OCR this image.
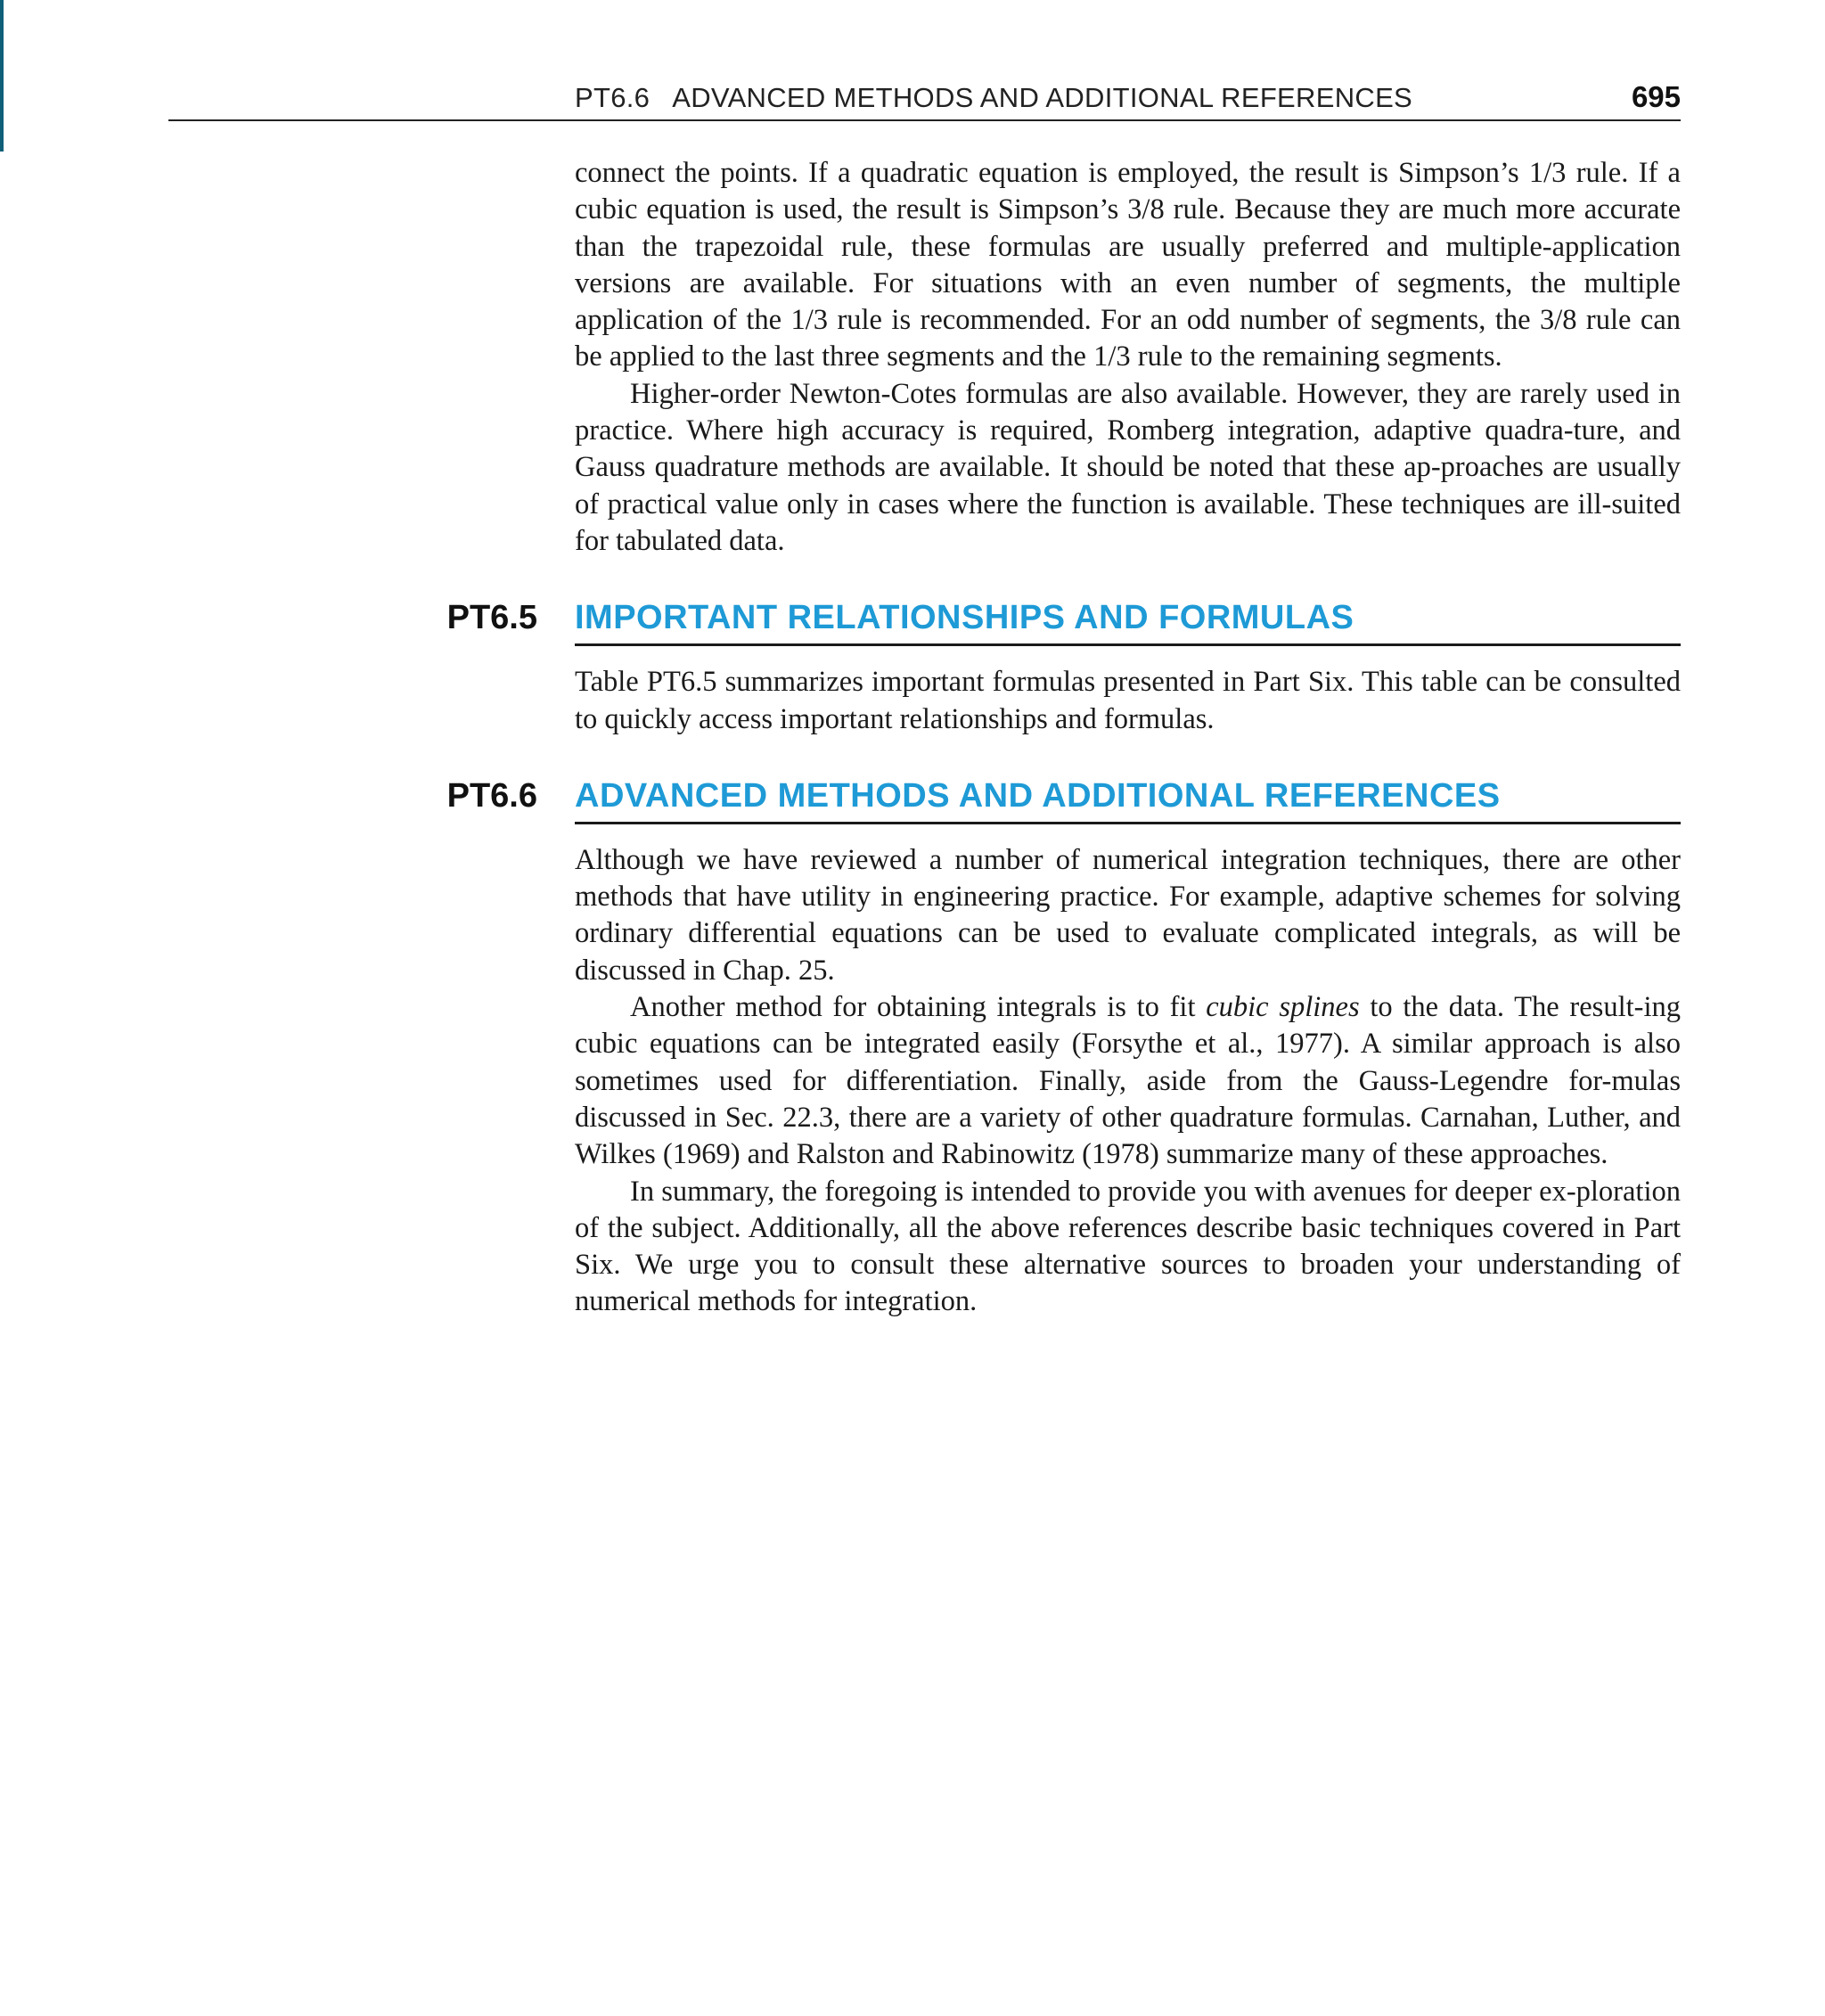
PT6.6   ADVANCED METHODS AND ADDITIONAL REFERENCES	695

connect the points. If a quadratic equation is employed, the result is Simpson’s 1/3 rule. If a cubic equation is used, the result is Simpson’s 3/8 rule. Because they are much more accurate than the trapezoidal rule, these formulas are usually preferred and multiple-application versions are available. For situations with an even number of segments, the multiple application of the 1/3 rule is recommended. For an odd number of segments, the 3/8 rule can be applied to the last three segments and the 1/3 rule to the remaining segments.

Higher-order Newton-Cotes formulas are also available. However, they are rarely used in practice. Where high accuracy is required, Romberg integration, adaptive quadra-ture, and Gauss quadrature methods are available. It should be noted that these ap-proaches are usually of practical value only in cases where the function is available. These techniques are ill-suited for tabulated data.

PT6.5 IMPORTANT RELATIONSHIPS AND FORMULAS

Table PT6.5 summarizes important formulas presented in Part Six. This table can be consulted to quickly access important relationships and formulas.

PT6.6 ADVANCED METHODS AND ADDITIONAL REFERENCES

Although we have reviewed a number of numerical integration techniques, there are other methods that have utility in engineering practice. For example, adaptive schemes for solving ordinary differential equations can be used to evaluate complicated integrals, as will be discussed in Chap. 25.

Another method for obtaining integrals is to fit cubic splines to the data. The result-ing cubic equations can be integrated easily (Forsythe et al., 1977). A similar approach is also sometimes used for differentiation. Finally, aside from the Gauss-Legendre for-mulas discussed in Sec. 22.3, there are a variety of other quadrature formulas. Carnahan, Luther, and Wilkes (1969) and Ralston and Rabinowitz (1978) summarize many of these approaches.

In summary, the foregoing is intended to provide you with avenues for deeper ex-ploration of the subject. Additionally, all the above references describe basic techniques covered in Part Six. We urge you to consult these alternative sources to broaden your understanding of numerical methods for integration.
